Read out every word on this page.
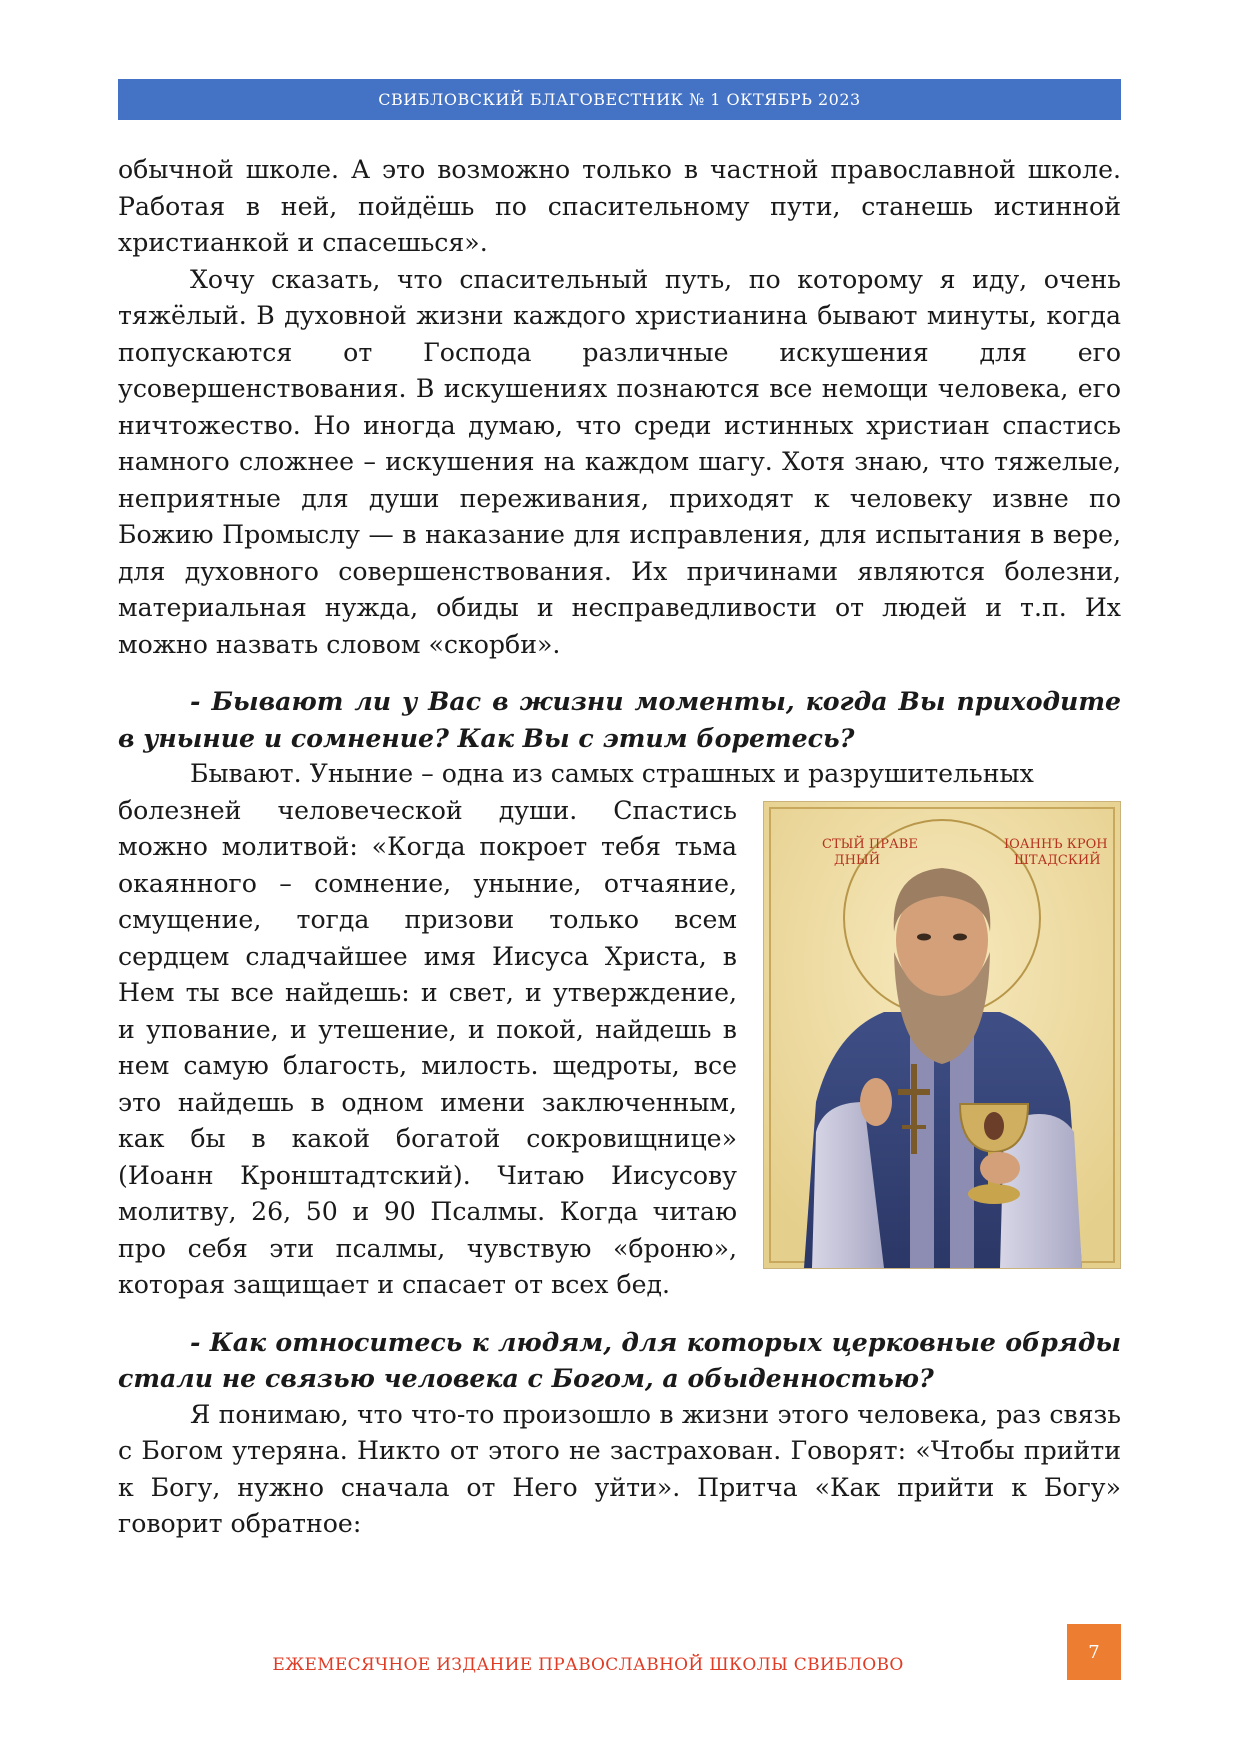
СВИБЛОВСКИЙ БЛАГОВЕСТНИК № 1 ОКТЯБРЬ 2023

обычной школе. А это возможно только в частной православной школе. Работая в ней, пойдёшь по спасительному пути, станешь истинной христианкой и спасешься».

Хочу сказать, что спасительный путь, по которому я иду, очень тяжёлый. В духовной жизни каждого христианина бывают минуты, когда попускаются от Господа различные искушения для его усовершенствования. В искушениях познаются все немощи человека, его ничтожество. Но иногда думаю, что среди истинных христиан спастись намного сложнее – искушения на каждом шагу. Хотя знаю, что тяжелые, неприятные для души переживания, приходят к человеку извне по Божию Промыслу — в наказание для исправления, для испытания в вере, для духовного совершенствования. Их причинами являются болезни, материальная нужда, обиды и несправедливости от людей и т.п. Их можно назвать словом «скорби».

- Бывают ли у Вас в жизни моменты, когда Вы приходите в уныние и сомнение? Как Вы с этим боретесь?

Бывают. Уныние – одна из самых страшных и разрушительных

СТЫЙ ПРАВЕ
ДНЫЙ
ІОАННЪ КРОН
ШТАДСКИЙ

болезней человеческой души. Спастись можно молитвой: «Когда покроет тебя тьма окаянного – сомнение, уныние, отчаяние, смущение, тогда призови только всем сердцем сладчайшее имя Иисуса Христа, в Нем ты все найдешь: и свет, и утверждение, и упование, и утешение, и покой, найдешь в нем самую благость, милость. щедроты, все это найдешь в одном имени заключенным, как бы в какой богатой сокровищнице» (Иоанн Кронштадтский). Читаю Иисусову молитву, 26, 50 и 90 Псалмы. Когда читаю про себя эти псалмы, чувствую «броню», которая защищает и спасает от всех бед.

- Как относитесь к людям, для которых церковные обряды стали не связью человека с Богом, а обыденностью?

Я понимаю, что что-то произошло в жизни этого человека, раз связь с Богом утеряна. Никто от этого не застрахован. Говорят: «Чтобы прийти к Богу, нужно сначала от Него уйти». Притча «Как прийти к Богу» говорит обратное:

ЕЖЕМЕСЯЧНОЕ ИЗДАНИЕ ПРАВОСЛАВНОЙ ШКОЛЫ СВИБЛОВО
7
